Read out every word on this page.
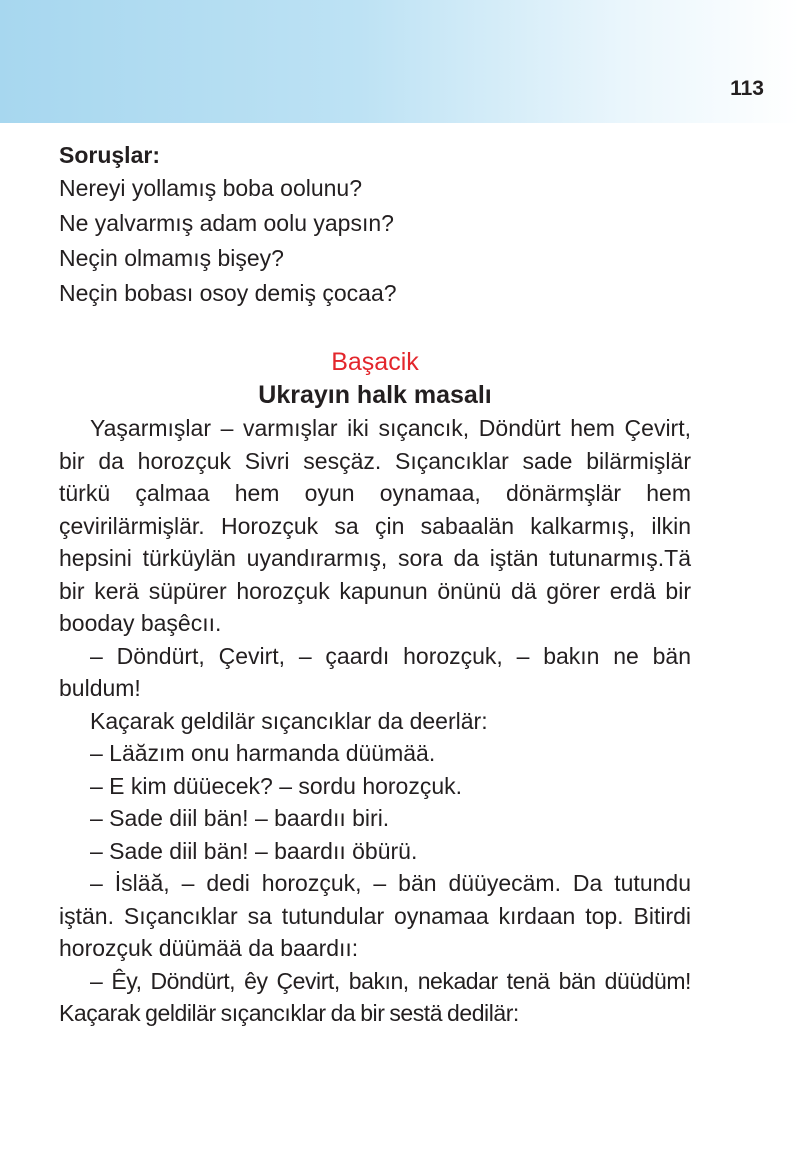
113

Soruşlar:

Nereyi yollamış boba oolunu?

Ne yalvarmış adam oolu yapsın?

Neçin olmamış bişey?

Neçin bobası osoy demiş çocaa?

Başacik
Ukrayın halk masalı

Yaşarmışlar – varmışlar iki sıçancık, Döndürt hem Çevirt, bir da horozçuk Sivri sesçäz. Sıçancıklar sade bilärmişlär türkü çalmaa hem oyun oynamaa, dönärmşlär hem çevirilärmişlär. Horozçuk sa çin sabaalän kalkarmış, ilkin hepsini türküylän uyandırarmış, sora da iştän tutunarmış.Tä bir kerä süpürer horozçuk kapunun önünü dä görer erdä bir booday başêcıı.

– Döndürt, Çevirt, – çaardı horozçuk, – bakın ne bän buldum!

Kaçarak geldilär sıçancıklar da deerlär:

– Läăzım onu harmanda düümää.

– E kim düüecek? – sordu horozçuk.

– Sade diil bän! – baardıı biri.

– Sade diil bän! – baardıı öbürü.

– İsläă, – dedi horozçuk, – bän düüyecäm. Da tutundu iştän. Sıçancıklar sa tutundular oynamaa kırdaan top. Bitirdi horozçuk düümää da baardıı:

– Êy, Döndürt, êy Çevirt, bakın, nekadar tenä bän düüdüm! Kaçarak geldilär sıçancıklar da bir sestä dedilär:
